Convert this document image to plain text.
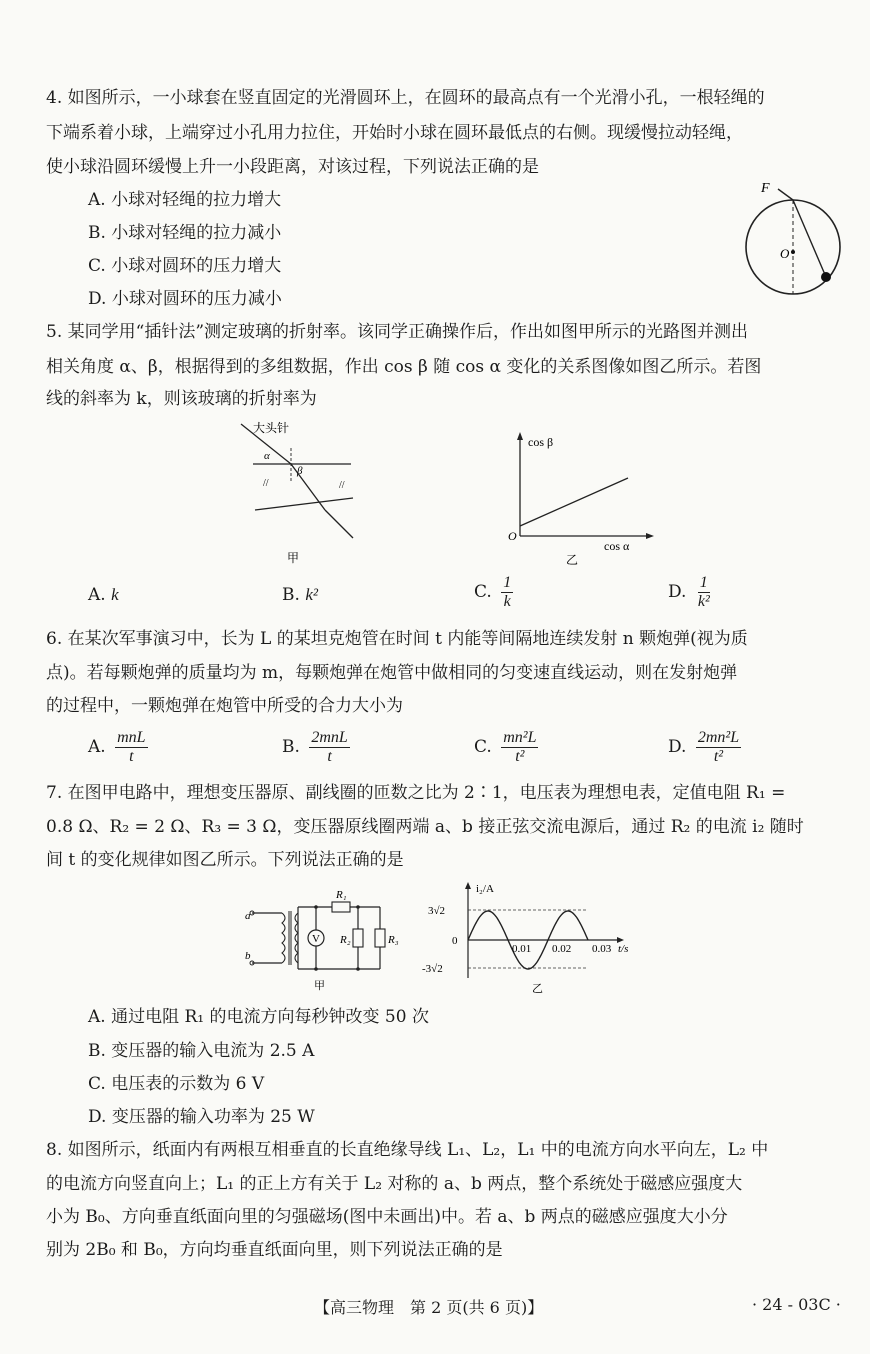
4. 如图所示，一小球套在竖直固定的光滑圆环上，在圆环的最高点有一个光滑小孔，一根轻绳的
下端系着小球，上端穿过小孔用力拉住，开始时小球在圆环最低点的右侧。现缓慢拉动轻绳，
使小球沿圆环缓慢上升一小段距离，对该过程，下列说法正确的是
A. 小球对轻绳的拉力增大
B. 小球对轻绳的拉力减小
C. 小球对圆环的压力增大
D. 小球对圆环的压力减小
F
O
5. 某同学用“插针法”测定玻璃的折射率。该同学正确操作后，作出如图甲所示的光路图并测出
相关角度 α、β，根据得到的多组数据，作出 cos β 随 cos α 变化的关系图像如图乙所示。若图
线的斜率为 k，则该玻璃的折射率为
大头针
α
β
//	//
甲
cos β
cos α
O
乙
A. k	B. k²	C. $\frac{1}{k}$	D. $\frac{1}{\text{k²}}$
6. 在某次军事演习中，长为 L 的某坦克炮管在时间 t 内能等间隔地连续发射 n 颗炮弹(视为质
点)。若每颗炮弹的质量均为 m，每颗炮弹在炮管中做相同的匀变速直线运动，则在发射炮弹
的过程中，一颗炮弹在炮管中所受的合力大小为
A. $\frac{\text{mnL}}{t}$	B. $\frac{\text{2mnL}}{t}$	C. $\frac{\text{mn²L}}{\text{t²}}$	D. $\frac{\text{2mn²L}}{\text{t²}}$
7. 在图甲电路中，理想变压器原、副线圈的匝数之比为 2∶1，电压表为理想电表，定值电阻 R₁ =
0.8 Ω、R₂ = 2 Ω、R₃ = 3 Ω，变压器原线圈两端 a、b 接正弦交流电源后，通过 R₂ 的电流 i₂ 随时
间 t 的变化规律如图乙所示。下列说法正确的是
V
R₁
R₂	R₃
a
b
甲
i₂/A
3√2
0
-3√2
0.01 0.02 0.03 t/s
乙
A. 通过电阻 R₁ 的电流方向每秒钟改变 50 次
B. 变压器的输入电流为 2.5 A
C. 电压表的示数为 6 V
D. 变压器的输入功率为 25 W
8. 如图所示，纸面内有两根互相垂直的长直绝缘导线 L₁、L₂，L₁ 中的电流方向水平向左，L₂ 中
的电流方向竖直向上；L₁ 的正上方有关于 L₂ 对称的 a、b 两点，整个系统处于磁感应强度大
小为 B₀、方向垂直纸面向里的匀强磁场(图中未画出)中。若 a、b 两点的磁感应强度大小分
别为 2B₀ 和 B₀，方向均垂直纸面向里，则下列说法正确的是
【高三物理　第 2 页(共 6 页)】	· 24 - 03C ·
